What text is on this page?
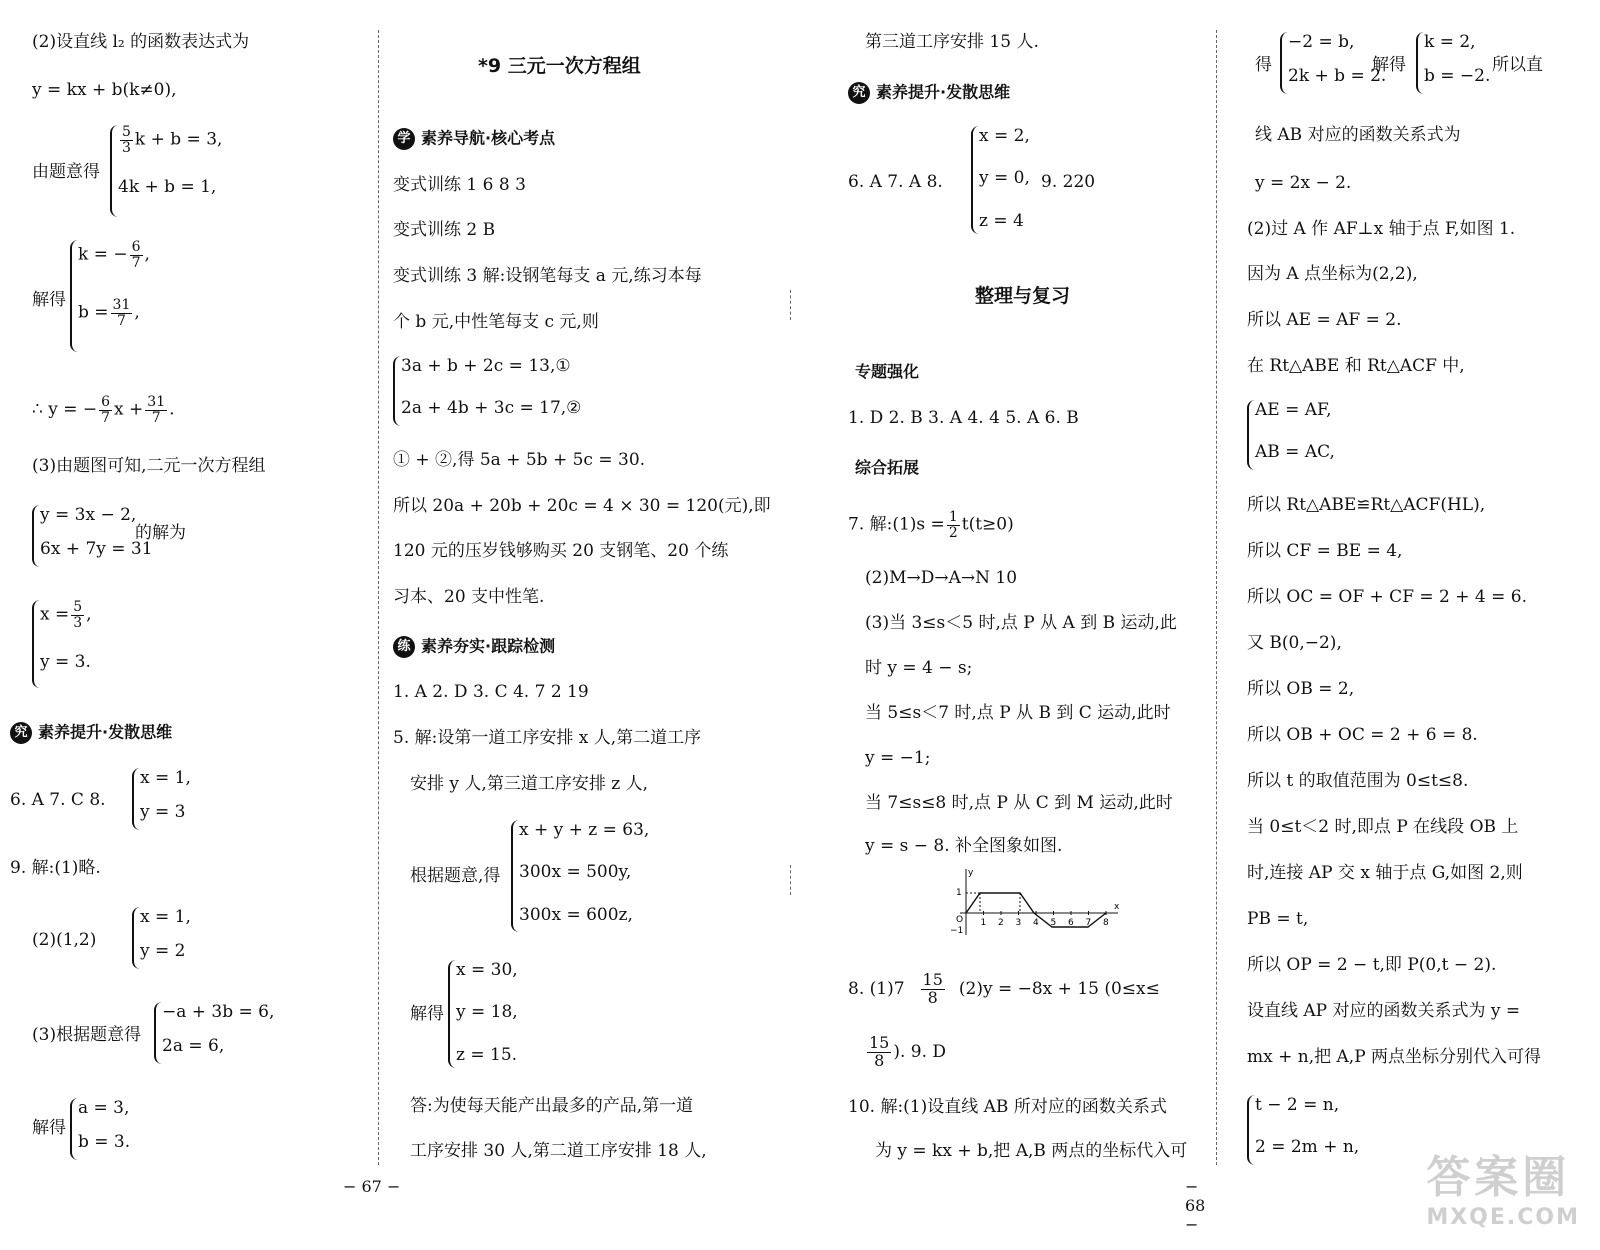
(2)设直线 l₂ 的函数表达式为
y = kx + b(k≠0),
由题意得
$\frac{5}{3}$ k + b = 3,
4k + b = 1,
解得
k = − $\frac{6}{7}$ ,
$b = \frac{31}{7}$ ,
∴ y = − $\frac{6}{7}$ $x + \frac{31}{7}$ .
(3)由题图可知,二元一次方程组
y = 3x − 2,
6x + 7y = 31
的解为
$x = \frac{5}{3}$ ,
y = 3.
究 素养提升·发散思维
6. A 7. C 8.
x = 1,
y = 3
9. 解:(1)略.
(2)(1,2)
x = 1,
y = 2
(3)根据题意得
−a + 3b = 6,
2a = 6,
解得
a = 3,
b = 3.
*9 三元一次方程组
学 素养导航·核心考点
变式训练 1 6 8 3
变式训练 2 B
变式训练 3 解:设钢笔每支 a 元,练习本每
个 b 元,中性笔每支 c 元,则
3a + b + 2c = 13,①
2a + 4b + 3c = 17,②
① + ②,得 5a + 5b + 5c = 30.
所以 20a + 20b + 20c = 4 × 30 = 120(元),即
120 元的压岁钱够购买 20 支钢笔、20 个练
习本、20 支中性笔.
练 素养夯实·跟踪检测
1. A 2. D 3. C 4. 7 2 19
5. 解:设第一道工序安排 x 人,第二道工序
安排 y 人,第三道工序安排 z 人,
根据题意,得
x + y + z = 63,
300x = 500y,
300x = 600z,
解得
x = 30,
y = 18,
z = 15.
答:为使每天能产出最多的产品,第一道
工序安排 30 人,第二道工序安排 18 人,
− 67 −
第三道工序安排 15 人.
究 素养提升·发散思维
6. A 7. A 8.
x = 2,
y = 0,
z = 4
9. 220
整理与复习
专题强化
1. D 2. B 3. A 4. 4 5. A 6. B
综合拓展
7. 解:(1)s = $\frac{1}{2} t(t\ge 0)$
(2)M→D→A→N 10
(3)当 3≤s＜5 时,点 P 从 A 到 B 运动,此
时 y = 4 − s;
当 5≤s＜7 时,点 P 从 B 到 C 运动,此时
y = −1;
当 7≤s≤8 时,点 P 从 C 到 M 运动,此时
y = s − 8. 补全图象如图.
y
x
O
1
−1
1 2 3 4 5 6 7 8
8. $(1)7 \frac{15}{8} (2)y = -8x + 15$ (0≤x≤
$\frac{15}{8}$ ). 9. D
10. 解:(1)设直线 AB 所对应的函数关系式
为 y = kx + b,把 A,B 两点的坐标代入可
− 68 −
得
−2 = b,
2k + b = 2.
解得
k = 2,
b = −2.
所以直
线 AB 对应的函数关系式为
y = 2x − 2.
(2)过 A 作 AF⊥x 轴于点 F,如图 1.
因为 A 点坐标为(2,2),
所以 AE = AF = 2.
在 Rt△ABE 和 Rt△ACF 中,
AE = AF,
AB = AC,
所以 Rt△ABE≌Rt△ACF(HL),
所以 CF = BE = 4,
所以 OC = OF + CF = 2 + 4 = 6.
又 B(0,−2),
所以 OB = 2,
所以 OB + OC = 2 + 6 = 8.
所以 t 的取值范围为 0≤t≤8.
当 0≤t＜2 时,即点 P 在线段 OB 上
时,连接 AP 交 x 轴于点 G,如图 2,则
PB = t,
所以 OP = 2 − t,即 P(0,t − 2).
设直线 AP 对应的函数关系式为 y =
mx + n,把 A,P 两点坐标分别代入可得
t − 2 = n,
2 = 2m + n,
答案圈
MXQE.COM
